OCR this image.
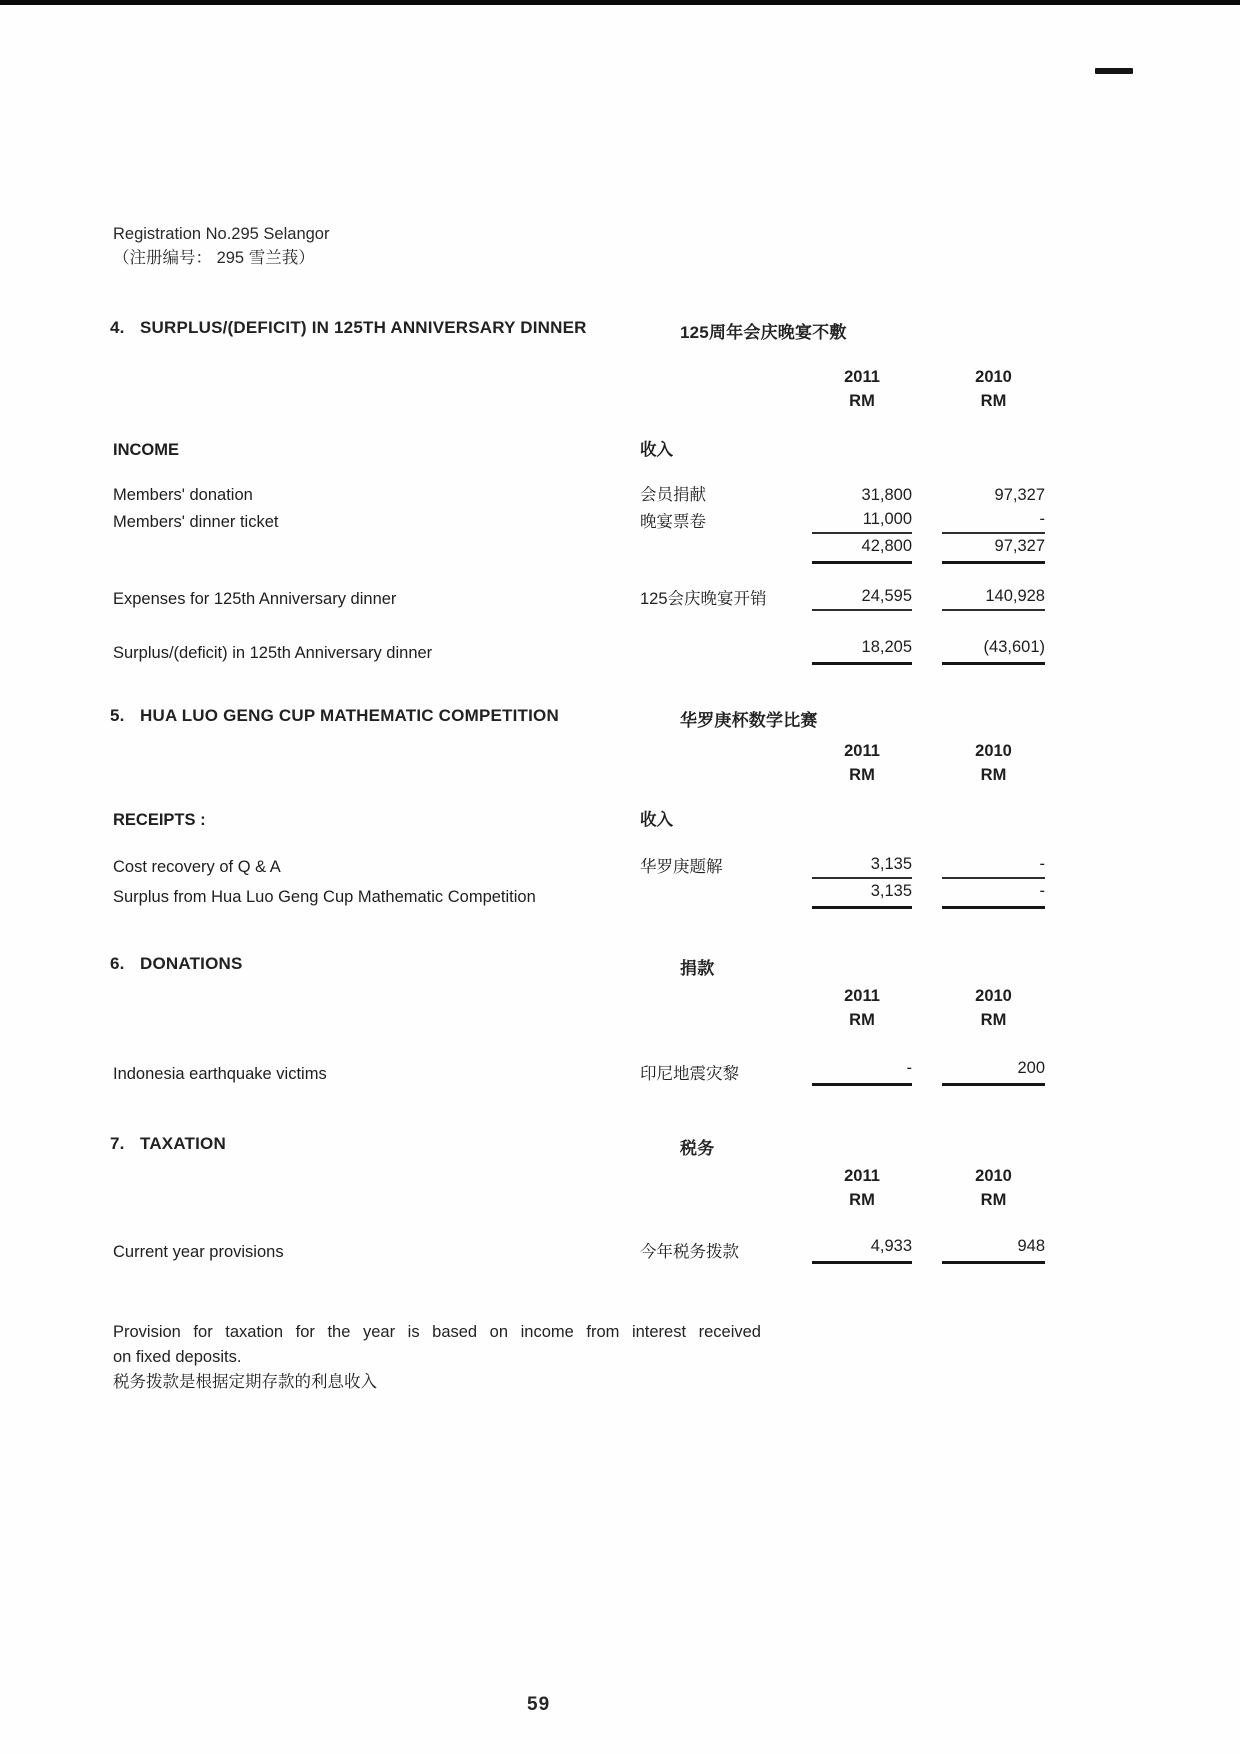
Registration No.295 Selangor
（注册编号： 295 雪兰莪）
4. SURPLUS/(DEFICIT) IN 125TH ANNIVERSARY DINNER	125周年会庆晚宴不敷
2011	2010
RM	RM
INCOME	收入
Members' donation	会员捐献	31,800	97,327
Members' dinner ticket	晚宴票卷	11,000	-
42,800	97,327
Expenses for 125th Anniversary dinner	125会庆晚宴开销	24,595	140,928
Surplus/(deficit) in 125th Anniversary dinner	18,205	(43,601)
5. HUA LUO GENG CUP MATHEMATIC COMPETITION	华罗庚杯数学比赛
2011	2010
RM	RM
RECEIPTS :	收入
Cost recovery of Q & A	华罗庚题解	3,135	-
Surplus from Hua Luo Geng Cup Mathematic Competition	3,135	-
6. DONATIONS	捐款
2011	2010
RM	RM
Indonesia earthquake victims	印尼地震灾黎	-	200
7. TAXATION	税务
2011	2010
RM	RM
Current year provisions	今年税务拨款	4,933	948
Provision for taxation for the year is based on income from interest received
on fixed deposits.
税务拨款是根据定期存款的利息收入
59
